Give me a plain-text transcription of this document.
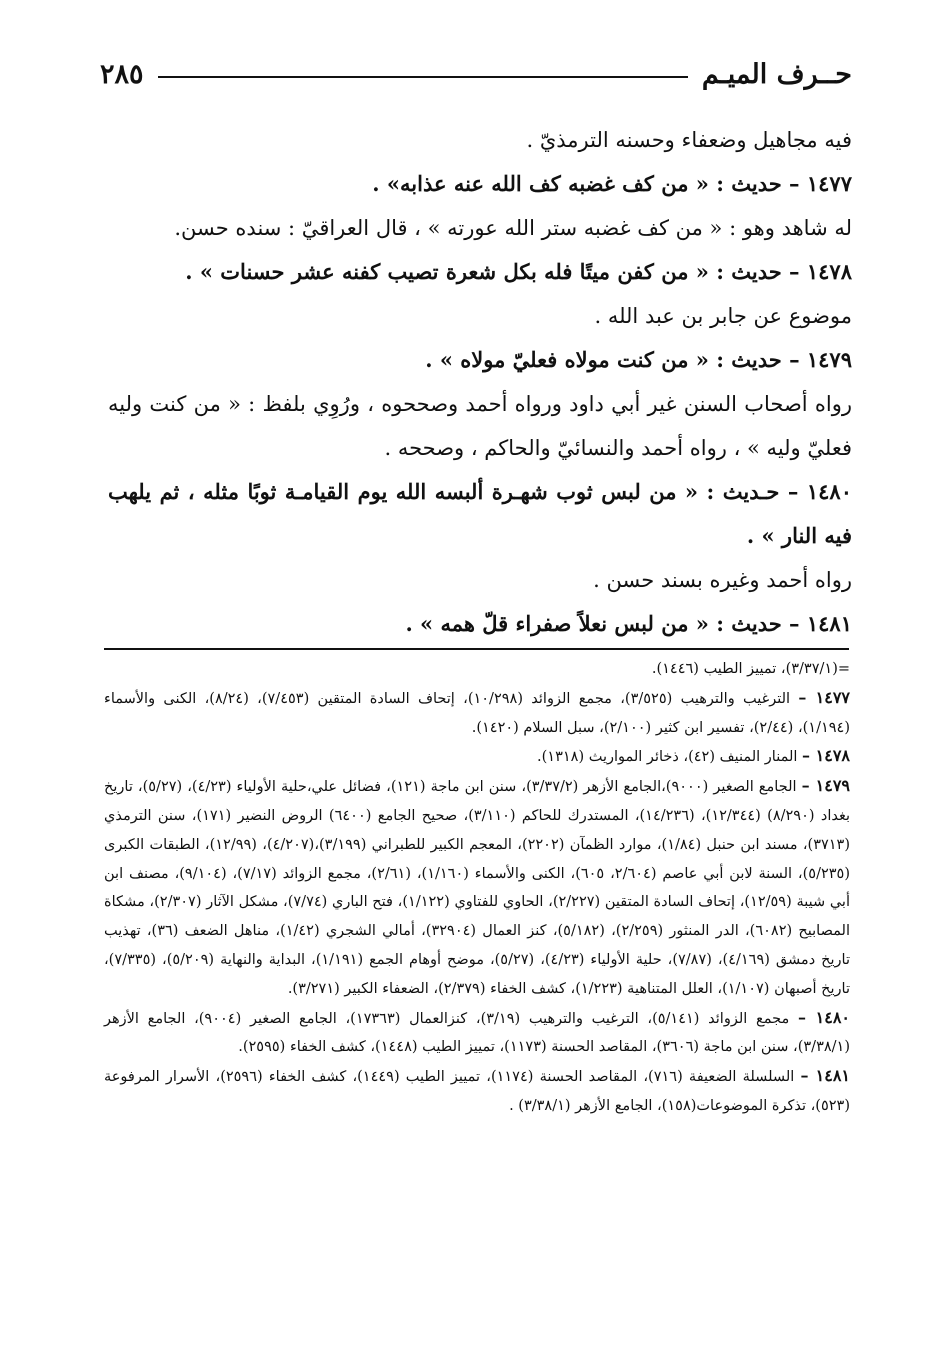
حــرف الميـم
٢٨٥

فيه مجاهيل وضعفاء وحسنه الترمذيّ .

١٤٧٧ – حديث : « من كف غضبه كف الله عنه عذابه» .

له شاهد وهو : « من كف غضبه ستر الله عورته » ، قال العراقيّ : سنده حسن.

١٤٧٨ – حديث : « من كفن ميتًا فله بكل شعرة تصيب كفنه عشر حسنات » .

موضوع عن جابر بن عبد الله .

١٤٧٩ – حديث : « من كنت مولاه فعليّ مولاه » .

رواه أصحاب السنن غير أبي داود ورواه أحمد وصححوه ، ورُوِي بلفظ : « من كنت وليه فعليّ وليه » ، رواه أحمد والنسائيّ والحاكم ، وصححه .

١٤٨٠ – حـديث : « من لبس ثوب شهـرة ألبسه الله يوم القيامـة ثوبًا مثله ، ثم يلهب فيه النار » .

رواه أحمد وغيره بسند حسن .

١٤٨١ – حديث : « من لبس نعلاً صفراء قلّ همه » .

=(٣/٣٧/١)، تمييز الطيب (١٤٤٦).

١٤٧٧ – الترغيب والترهيب (٣/٥٢٥)، مجمع الزوائد (١٠/٢٩٨)، إتحاف السادة المتقين (٧/٤٥٣)، (٨/٢٤)، الكنى والأسماء (١/١٩٤)، (٢/٤٤)، تفسير ابن كثير (٢/١٠٠)، سبل السلام (١٤٢٠).

١٤٧٨ – المنار المنيف (٤٢)، ذخائر المواريث (١٣١٨).

١٤٧٩ – الجامع الصغير (٩٠٠٠)،الجامع الأزهر (٣/٣٧/٢)، سنن ابن ماجة (١٢١)، فضائل علي،حلية الأولياء (٤/٢٣)، (٥/٢٧)، تاريخ بغداد (٨/٢٩٠) (١٢/٣٤٤)، (١٤/٢٣٦)، المستدرك للحاكم (٣/١١٠)، صحيح الجامع (٦٤٠٠) الروض النضير (١٧١)، سنن الترمذي (٣٧١٣)، مسند ابن حنبل (١/٨٤)، موارد الظمآن (٢٢٠٢)، المعجم الكبير للطبراني (٣/١٩٩)،(٤/٢٠٧)، (١٢/٩٩)، الطبقات الكبرى (٥/٢٣٥)، السنة لابن أبي عاصم (٢/٦٠٤، ٦٠٥)، الكنى والأسماء (١/١٦٠)، (٢/٦١)، مجمع الزوائد (٧/١٧)، (٩/١٠٤)، مصنف ابن أبي شيبة (١٢/٥٩)، إتحاف السادة المتقين (٢/٢٢٧)، الحاوي للفتاوي (١/١٢٢)، فتح الباري (٧/٧٤)، مشكل الآثار (٢/٣٠٧)، مشكاة المصابيح (٦٠٨٢)، الدر المنثور (٢/٢٥٩)، (٥/١٨٢)، كنز العمال (٣٢٩٠٤)، أمالي الشجري (١/٤٢)، مناهل الضعف (٣٦)، تهذيب تاريخ دمشق (٤/١٦٩)، (٧/٨٧)، حلية الأولياء (٤/٢٣)، (٥/٢٧)، موضح أوهام الجمع (١/١٩١)، البداية والنهاية (٥/٢٠٩)، (٧/٣٣٥)، تاريخ أصبهان (١/١٠٧)، العلل المتناهية (١/٢٢٣)، كشف الخفاء (٢/٣٧٩)، الضعفاء الكبير (٣/٢٧١).

١٤٨٠ – مجمع الزوائد (٥/١٤١)، الترغيب والترهيب (٣/١٩)، كنزالعمال (١٧٣٦٣)، الجامع الصغير (٩٠٠٤)، الجامع الأزهر (٣/٣٨/١)، سنن ابن ماجة (٣٦٠٦)، المقاصد الحسنة (١١٧٣)، تمييز الطيب (١٤٤٨)، كشف الخفاء (٢٥٩٥).

١٤٨١ – السلسلة الضعيفة (٧١٦)، المقاصد الحسنة (١١٧٤)، تمييز الطيب (١٤٤٩)، كشف الخفاء (٢٥٩٦)، الأسرار المرفوعة (٥٢٣)، تذكرة الموضوعات(١٥٨)، الجامع الأزهر (٣/٣٨/١) .
